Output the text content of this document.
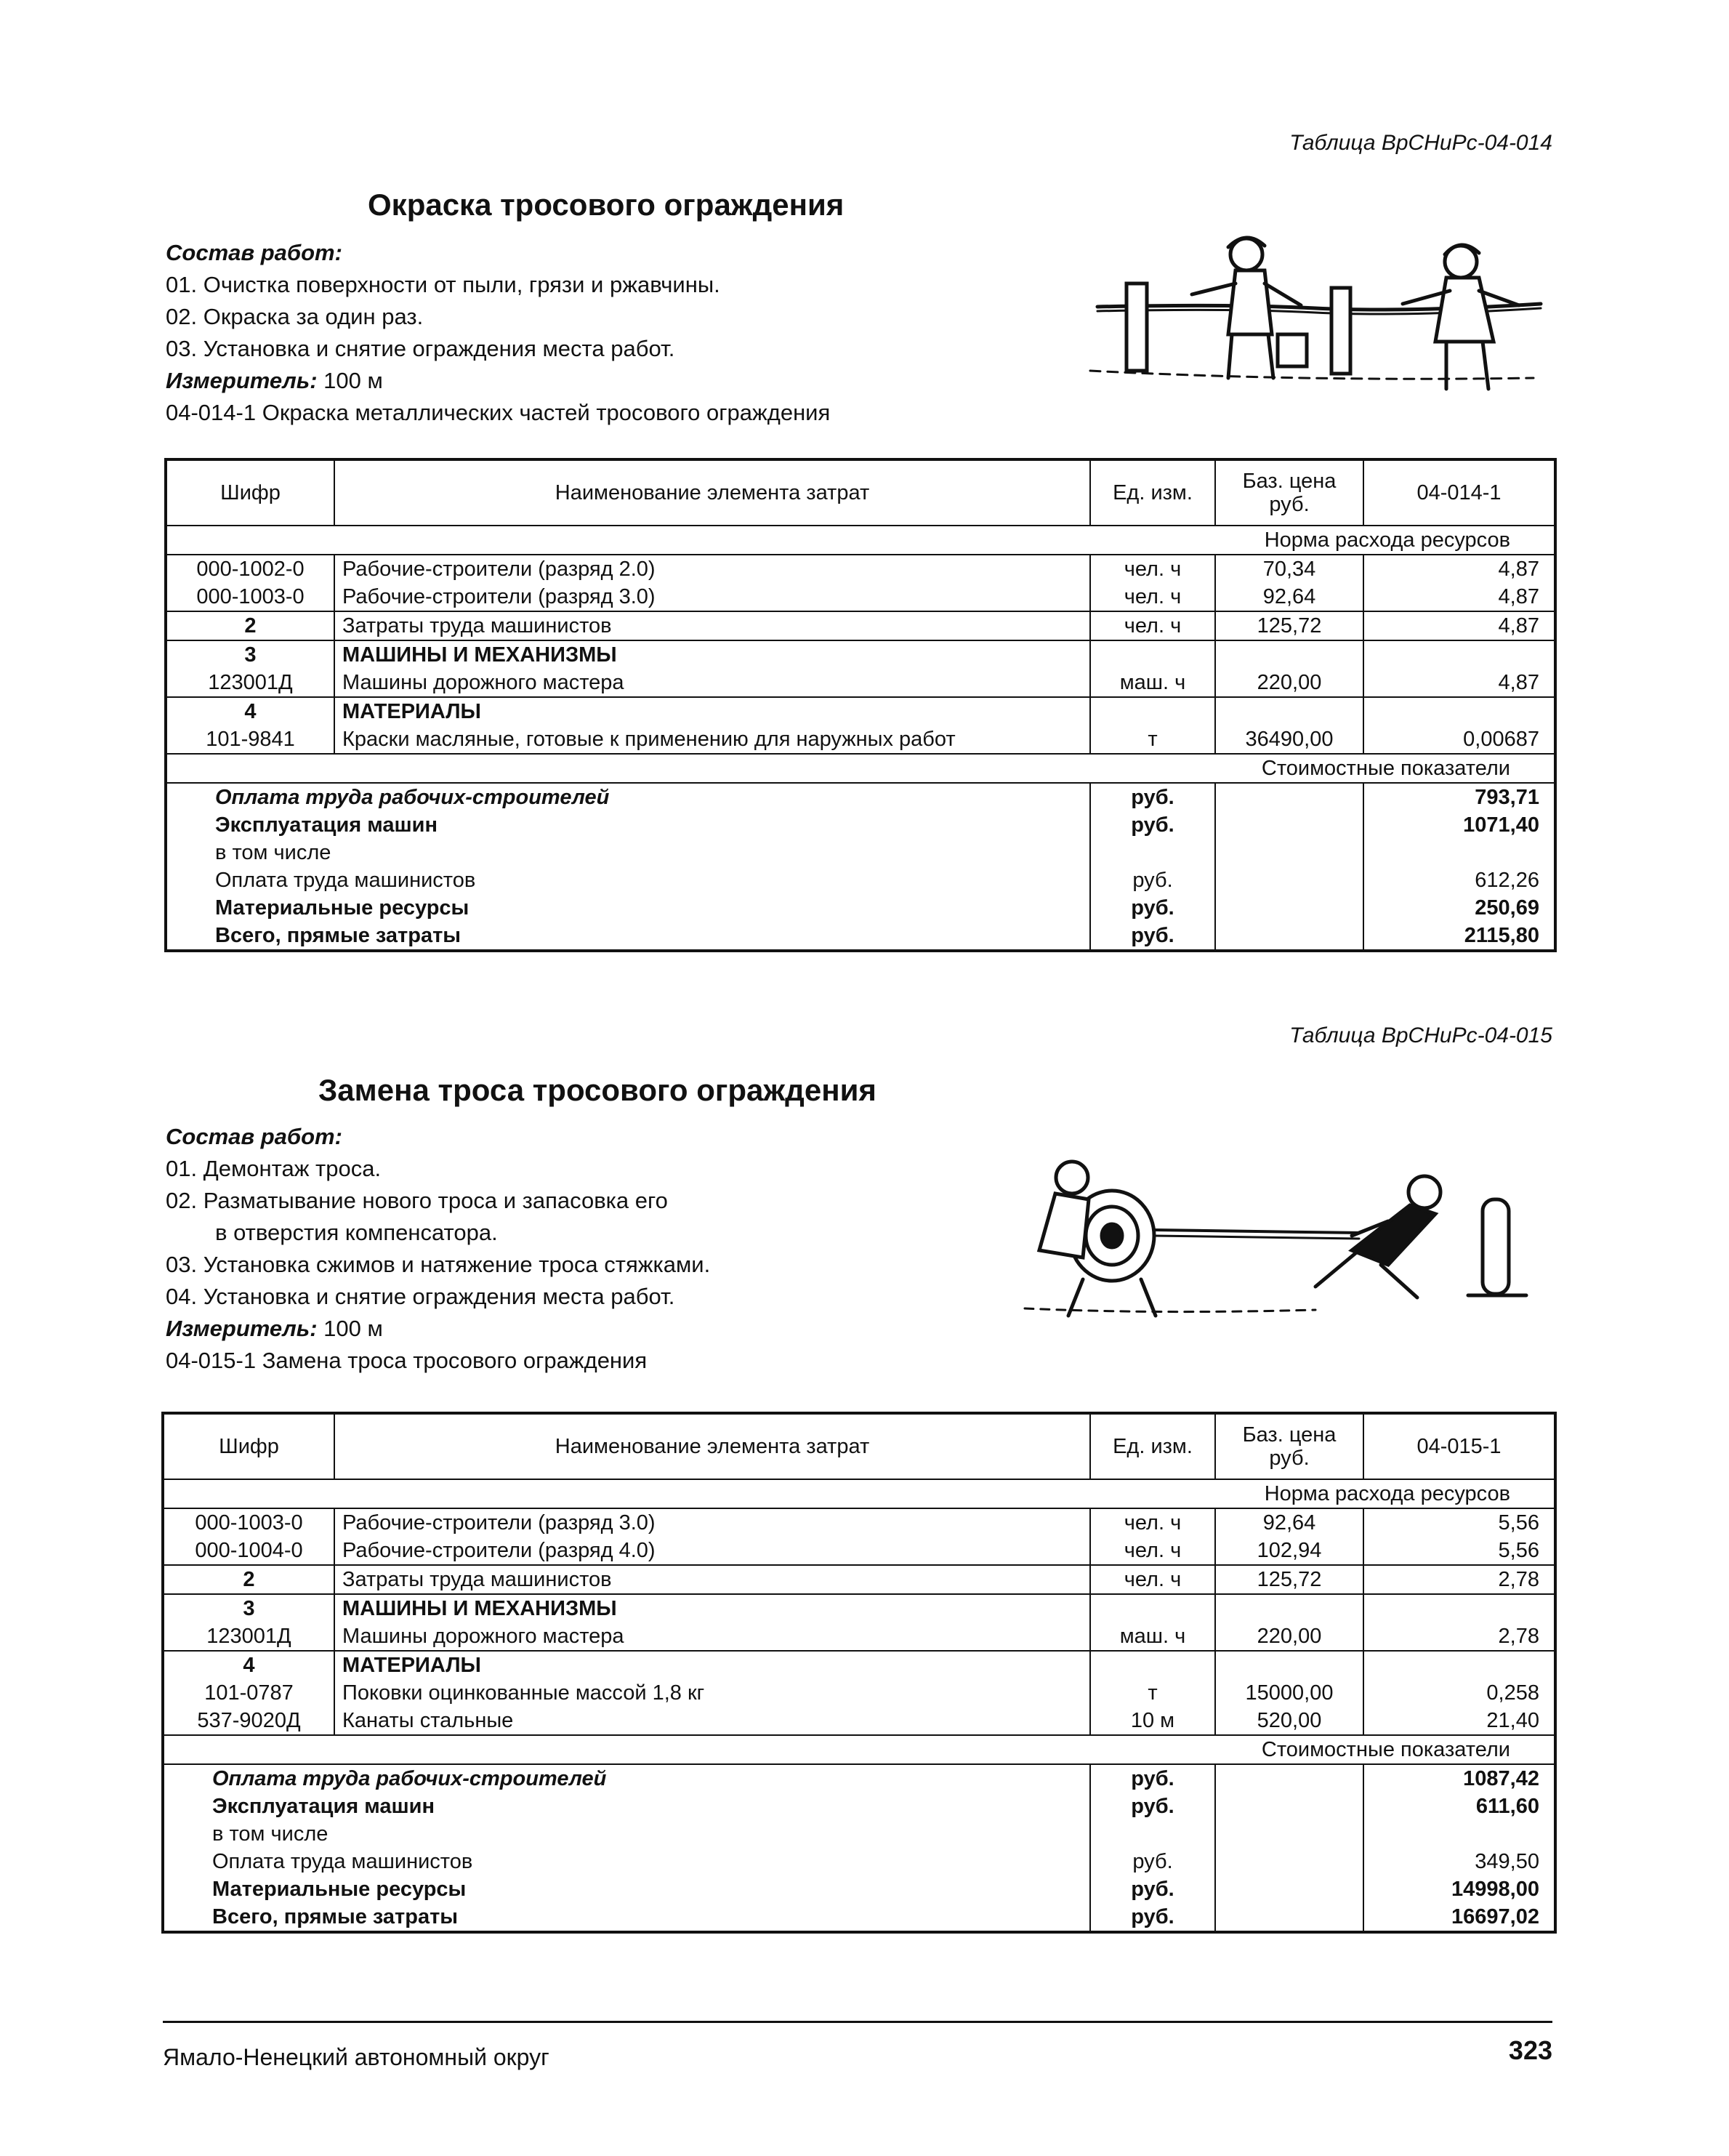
Таблица ВрСНиРс-04-014
Окраска тросового ограждения
Состав работ:
01. Очистка поверхности от пыли, грязи и ржавчины.
02. Окраска за один раз.
03. Установка и снятие ограждения места работ.
Измеритель: 100 м
04-014-1 Окраска металлических частей тросового ограждения
Шифр	Наименование элемента затрат	Ед. изм.	Баз. цена руб.	04-014-1
Норма расхода ресурсов				
000-1002-0	Рабочие-строители (разряд 2.0)	чел. ч	70,34	4,87
000-1003-0	Рабочие-строители (разряд 3.0)	чел. ч	92,64	4,87
2	Затраты труда машинистов	чел. ч	125,72	4,87
3	МАШИНЫ И МЕХАНИЗМЫ			
123001Д	Машины дорожного мастера	маш. ч	220,00	4,87
4	МАТЕРИАЛЫ			
101-9841	Краски масляные, готовые к применению для наружных работ	т	36490,00	0,00687
Стоимостные показатели				
Оплата труда рабочих-строителей		руб.		793,71
Эксплуатация машин		руб.		1071,40
в том числе				
Оплата труда машинистов		руб.		612,26
Материальные ресурсы		руб.		250,69
Всего, прямые затраты		руб.		2115,80
Таблица ВрСНиРс-04-015
Замена троса тросового ограждения
Состав работ:
01. Демонтаж троса.
02. Разматывание нового троса и запасовка его
в отверстия компенсатора.
03. Установка сжимов и натяжение троса стяжками.
04. Установка и снятие ограждения места работ.
Измеритель: 100 м
04-015-1 Замена троса тросового ограждения
Шифр	Наименование элемента затрат	Ед. изм.	Баз. цена руб.	04-015-1
Норма расхода ресурсов				
000-1003-0	Рабочие-строители (разряд 3.0)	чел. ч	92,64	5,56
000-1004-0	Рабочие-строители (разряд 4.0)	чел. ч	102,94	5,56
2	Затраты труда машинистов	чел. ч	125,72	2,78
3	МАШИНЫ И МЕХАНИЗМЫ			
123001Д	Машины дорожного мастера	маш. ч	220,00	2,78
4	МАТЕРИАЛЫ			
101-0787	Поковки оцинкованные массой 1,8 кг	т	15000,00	0,258
537-9020Д	Канаты стальные	10 м	520,00	21,40
Стоимостные показатели				
Оплата труда рабочих-строителей		руб.		1087,42
Эксплуатация машин		руб.		611,60
в том числе				
Оплата труда машинистов		руб.		349,50
Материальные ресурсы		руб.		14998,00
Всего, прямые затраты		руб.		16697,02
Ямало-Ненецкий автономный округ	323
